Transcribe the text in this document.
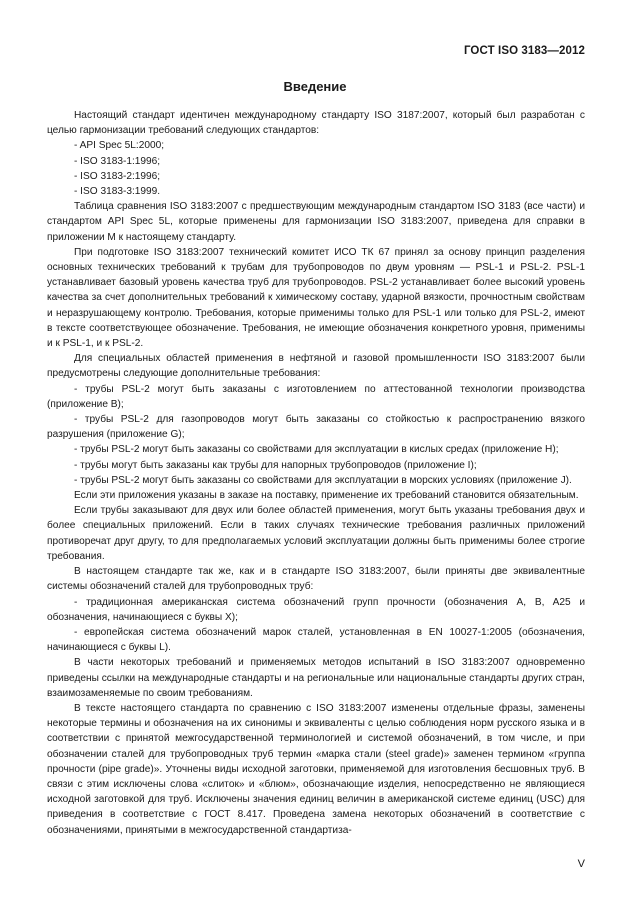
ГОСТ ISO 3183—2012
Введение

Настоящий стандарт идентичен международному стандарту ISO 3187:2007, который был разработан с целью гармонизации требований следующих стандартов:

- API Spec 5L:2000;

- ISO 3183-1:1996;

- ISO 3183-2:1996;

- ISO 3183-3:1999.

Таблица сравнения ISO 3183:2007 с предшествующим международным стандартом ISO 3183 (все части) и стандартом API Spec 5L, которые применены для гармонизации ISO 3183:2007, приведена для справки в приложении M к настоящему стандарту.

При подготовке ISO 3183:2007 технический комитет ИСО ТК 67 принял за основу принцип разделения основных технических требований к трубам для трубопроводов по двум уровням — PSL-1 и PSL-2. PSL-1 устанавливает базовый уровень качества труб для трубопроводов. PSL-2 устанавливает более высокий уровень качества за счет дополнительных требований к химическому составу, ударной вязкости, прочностным свойствам и неразрушающему контролю. Требования, которые применимы только для PSL-1 или только для PSL-2, имеют в тексте соответствующее обозначение. Требования, не имеющие обозначения конкретного уровня, применимы и к PSL-1, и к PSL-2.

Для специальных областей применения в нефтяной и газовой промышленности ISO 3183:2007 были предусмотрены следующие дополнительные требования:

- трубы PSL-2 могут быть заказаны с изготовлением по аттестованной технологии производства (приложение B);

- трубы PSL-2 для газопроводов могут быть заказаны со стойкостью к распространению вязкого разрушения (приложение G);

- трубы PSL-2 могут быть заказаны со свойствами для эксплуатации в кислых средах (приложение H);

- трубы могут быть заказаны как трубы для напорных трубопроводов (приложение I);

- трубы PSL-2 могут быть заказаны со свойствами для эксплуатации в морских условиях (приложение J).

Если эти приложения указаны в заказе на поставку, применение их требований становится обязательным.

Если трубы заказывают для двух или более областей применения, могут быть указаны требования двух и более специальных приложений. Если в таких случаях технические требования различных приложений противоречат друг другу, то для предполагаемых условий эксплуатации должны быть применимы более строгие требования.

В настоящем стандарте так же, как и в стандарте ISO 3183:2007, были приняты две эквивалентные системы обозначений сталей для трубопроводных труб:

- традиционная американская система обозначений групп прочности (обозначения A, B, A25 и обозначения, начинающиеся с буквы X);

- европейская система обозначений марок сталей, установленная в EN 10027-1:2005 (обозначения, начинающиеся с буквы L).

В части некоторых требований и применяемых методов испытаний в ISO 3183:2007 одновременно приведены ссылки на международные стандарты и на региональные или национальные стандарты других стран, взаимозаменяемые по своим требованиям.

В тексте настоящего стандарта по сравнению с ISO 3183:2007 изменены отдельные фразы, заменены некоторые термины и обозначения на их синонимы и эквиваленты с целью соблюдения норм русского языка и в соответствии с принятой межгосударственной терминологией и системой обозначений, в том числе, и при обозначении сталей для трубопроводных труб термин «марка стали (steel grade)» заменен термином «группа прочности (pipe grade)». Уточнены виды исходной заготовки, применяемой для изготовления бесшовных труб. В связи с этим исключены слова «слиток» и «блюм», обозначающие изделия, непосредственно не являющиеся исходной заготовкой для труб. Исключены значения единиц величин в американской системе единиц (USC) для приведения в соответствие с ГОСТ 8.417. Проведена замена некоторых обозначений в соответствие с обозначениями, принятыми в межгосударственной стандартиза-

V
